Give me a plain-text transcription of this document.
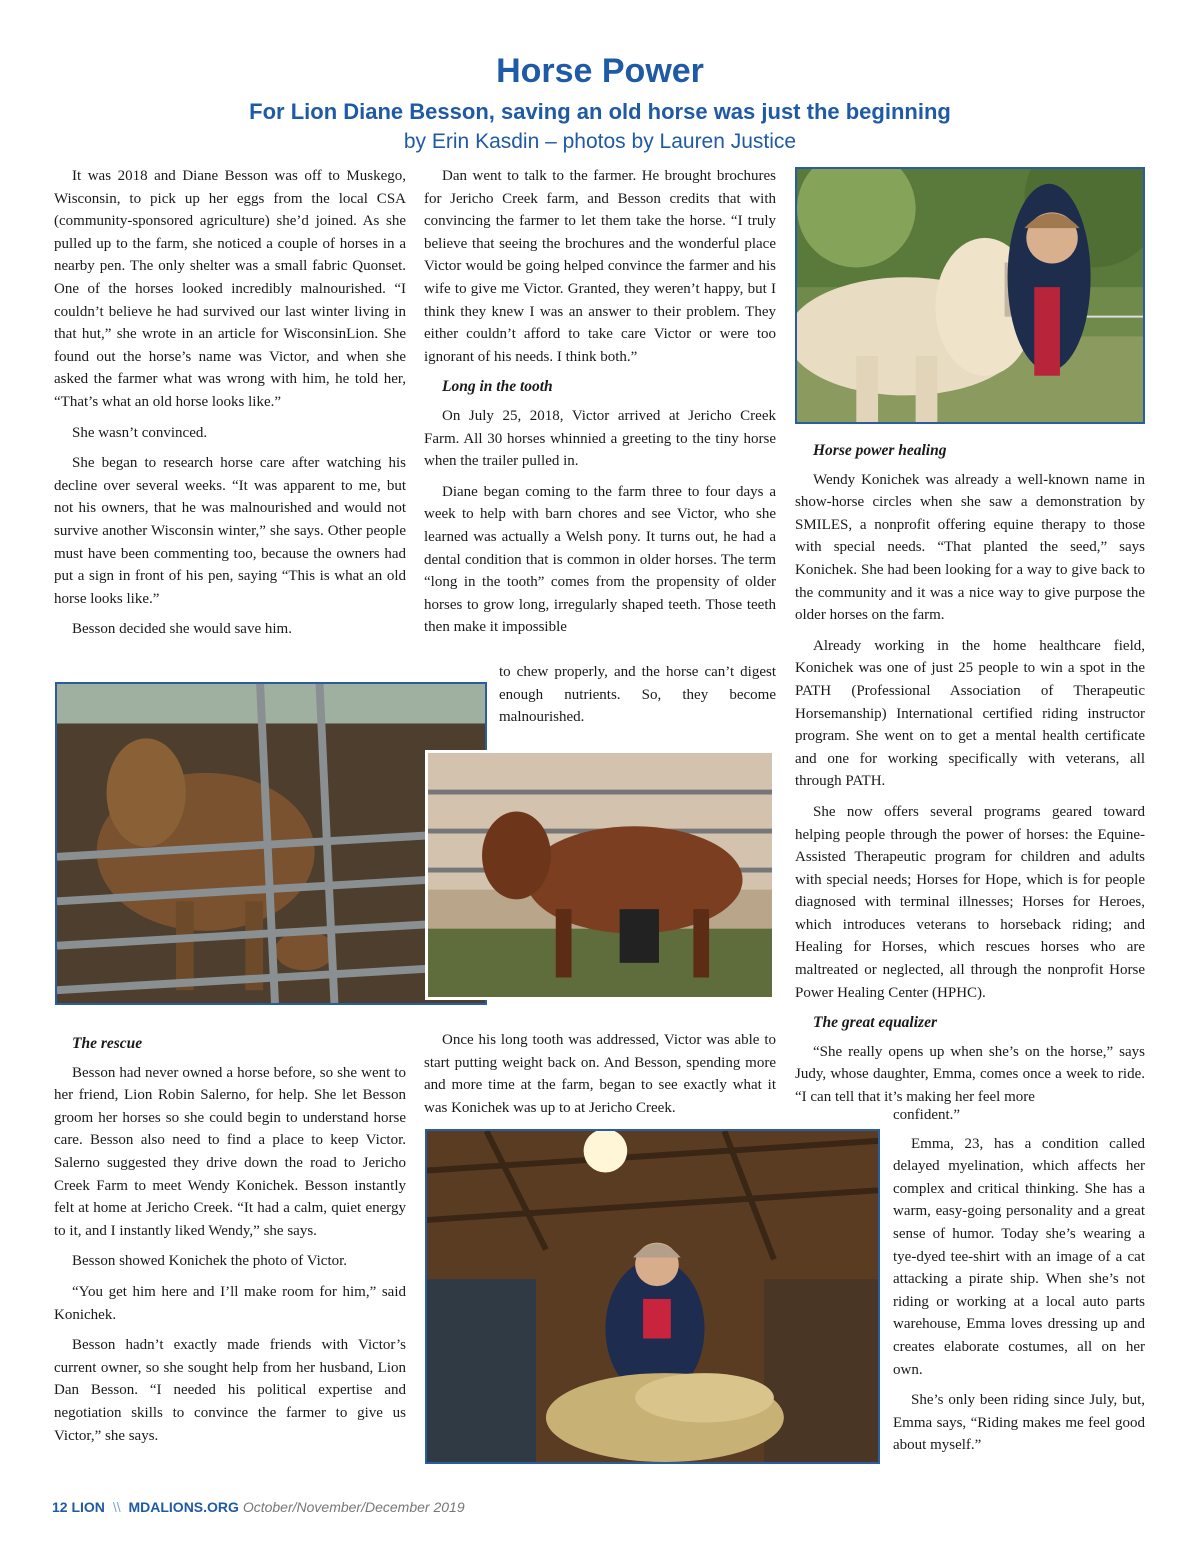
Horse Power
For Lion Diane Besson, saving an old horse was just the beginning
by Erin Kasdin – photos by Lauren Justice

It was 2018 and Diane Besson was off to Muskego, Wisconsin, to pick up her eggs from the local CSA (community-sponsored agriculture) she’d joined. As she pulled up to the farm, she noticed a couple of horses in a nearby pen. The only shelter was a small fabric Quonset. One of the horses looked incredibly malnourished. “I couldn’t believe he had survived our last winter living in that hut,” she wrote in an article for WisconsinLion. She found out the horse’s name was Victor, and when she asked the farmer what was wrong with him, he told her, “That’s what an old horse looks like.”

She wasn’t convinced.

She began to research horse care after watching his decline over several weeks. “It was apparent to me, but not his owners, that he was malnourished and would not survive another Wisconsin winter,” she says. Other people must have been commenting too, because the owners had put a sign in front of his pen, saying “This is what an old horse looks like.”

Besson decided she would save him.

Dan went to talk to the farmer. He brought brochures for Jericho Creek farm, and Besson credits that with convincing the farmer to let them take the horse. “I truly believe that seeing the brochures and the wonderful place Victor would be going helped convince the farmer and his wife to give me Victor. Granted, they weren’t happy, but I think they knew I was an answer to their problem. They either couldn’t afford to take care Victor or were too ignorant of his needs. I think both.”

Long in the tooth

On July 25, 2018, Victor arrived at Jericho Creek Farm. All 30 horses whinnied a greeting to the tiny horse when the trailer pulled in.

Diane began coming to the farm three to four days a week to help with barn chores and see Victor, who she learned was actually a Welsh pony. It turns out, he had a dental condition that is common in older horses. The term “long in the tooth” comes from the propensity of older horses to grow long, irregularly shaped teeth. Those teeth then make it impossible

to chew properly, and the horse can’t digest enough nutrients. So, they become malnourished.

Horse power healing

Wendy Konichek was already a well-known name in show-horse circles when she saw a demonstration by SMILES, a nonprofit offering equine therapy to those with special needs. “That planted the seed,” says Konichek. She had been looking for a way to give back to the community and it was a nice way to give purpose the older horses on the farm.

Already working in the home healthcare field, Konichek was one of just 25 people to win a spot in the PATH (Professional Association of Therapeutic Horsemanship) International certified riding instructor program. She went on to get a mental health certificate and one for working specifically with veterans, all through PATH.

She now offers several programs geared toward helping people through the power of horses: the Equine-Assisted Therapeutic program for children and adults with special needs; Horses for Hope, which is for people diagnosed with terminal illnesses; Horses for Heroes, which introduces veterans to horseback riding; and Healing for Horses, which rescues horses who are maltreated or neglected, all through the nonprofit Horse Power Healing Center (HPHC).

The great equalizer

“She really opens up when she’s on the horse,” says Judy, whose daughter, Emma, comes once a week to ride. “I can tell that it’s making her feel more

confident.”

Emma, 23, has a condition called delayed myelination, which affects her complex and critical thinking. She has a warm, easy-going personality and a great sense of humor. Today she’s wearing a tye-dyed tee-shirt with an image of a cat attacking a pirate ship. When she’s not riding or working at a local auto parts warehouse, Emma loves dressing up and creates elaborate costumes, all on her own.

She’s only been riding since July, but, Emma says, “Riding makes me feel good about myself.”

The rescue

Besson had never owned a horse before, so she went to her friend, Lion Robin Salerno, for help. She let Besson groom her horses so she could begin to understand horse care. Besson also need to find a place to keep Victor. Salerno suggested they drive down the road to Jericho Creek Farm to meet Wendy Konichek. Besson instantly felt at home at Jericho Creek. “It had a calm, quiet energy to it, and I instantly liked Wendy,” she says.

Besson showed Konichek the photo of Victor.

“You get him here and I’ll make room for him,” said Konichek.

Besson hadn’t exactly made friends with Victor’s current owner, so she sought help from her husband, Lion Dan Besson. “I needed his political expertise and negotiation skills to convince the farmer to give us Victor,” she says.

Once his long tooth was addressed, Victor was able to start putting weight back on. And Besson, spending more and more time at the farm, began to see exactly what it was Konichek was up to at Jericho Creek.

12 LION \\ MDALIONS.ORG October/November/December 2019
